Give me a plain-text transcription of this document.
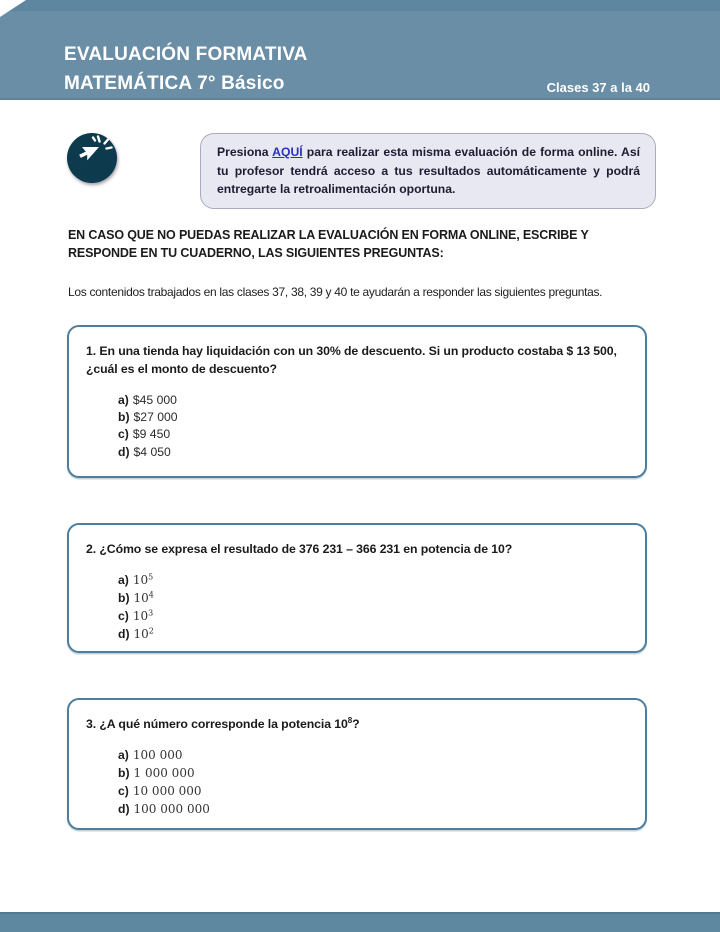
EVALUACIÓN FORMATIVA
MATEMÁTICA 7° Básico	Clases 37 a la 40

Presiona AQUÍ para realizar esta misma evaluación de forma online. Así tu profesor tendrá acceso a tus resultados automáticamente y podrá entregarte la retroalimentación oportuna.

EN CASO QUE NO PUEDAS REALIZAR LA EVALUACIÓN EN FORMA ONLINE, ESCRIBE Y RESPONDE EN TU CUADERNO, LAS SIGUIENTES PREGUNTAS:

Los contenidos trabajados en las clases 37, 38, 39 y 40 te ayudarán a responder las siguientes preguntas.

1. En una tienda hay liquidación con un 30% de descuento. Si un producto costaba $ 13 500, ¿cuál es el monto de descuento?

a) $45 000
b) $27 000
c) $9 450
d) $4 050

2. ¿Cómo se expresa el resultado de 376 231 – 366 231 en potencia de 10?

a) $10^5$
b) $10^4$
c) $10^3$
d) $10^2$

3. ¿A qué número corresponde la potencia $10^8$?

a) 100 000
b) 1 000 000
c) 10 000 000
d) 100 000 000
